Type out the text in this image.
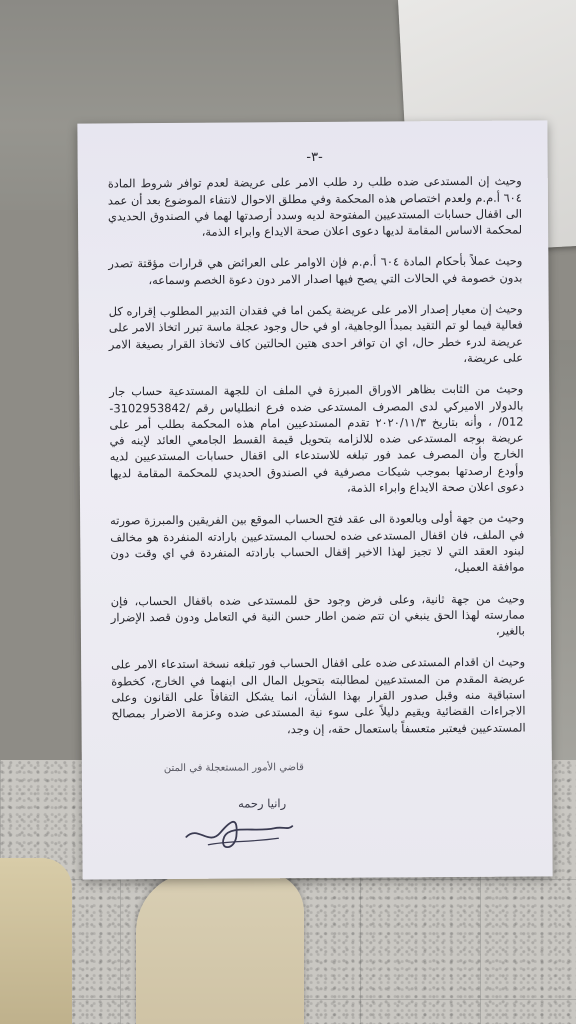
-٣-

وحيث إن المستدعى ضده طلب رد طلب الامر على عريضة لعدم توافر شروط المادة ٦٠٤ أ.م.م ولعدم اختصاص هذه المحكمة وفي مطلق الاحوال لانتفاء الموضوع بعد أن عمد الى اقفال حسابات المستدعيين المفتوحة لديه وسدد أرصدتها لهما في الصندوق الحديدي لمحكمة الاساس المقامة لديها دعوى اعلان صحة الايداع وابراء الذمة،

وحيث عملاً بأحكام المادة ٦٠٤ أ.م.م فإن الاوامر على العرائض هي قرارات مؤقتة تصدر بدون خصومة في الحالات التي يصح فيها اصدار الامر دون دعوة الخصم وسماعه،

وحيث إن معيار إصدار الامر على عريضة يكمن اما في فقدان التدبير المطلوب إقراره كل فعالية فيما لو تم التقيد بمبدأ الوجاهية، او في حال وجود عجلة ماسة تبرر اتخاذ الامر على عريضة لدرء خطر حال، اي ان توافر احدى هتين الحالتين كاف لاتخاذ القرار بصيغة الامر على عريضة،

وحيث من الثابت بظاهر الاوراق المبرزة في الملف ان للجهة المستدعية حساب جار بالدولار الاميركي لدى المصرف المستدعى ضده فرع انطلياس رقم /3102953842-012/ ، وأنه بتاريخ ٢٠٢٠/١١/٣ تقدم المستدعيين امام هذه المحكمة بطلب أمر على عريضة بوجه المستدعى ضده للالزامه بتحويل قيمة القسط الجامعي العائد لإبنه في الخارج وأن المصرف عمد فور تبلغه للاستدعاء الى اقفال حسابات المستدعيين لديه وأودع ارصدتها بموجب شيكات مصرفية في الصندوق الحديدي للمحكمة المقامة لديها دعوى اعلان صحة الايداع وابراء الذمة،

وحيث من جهة أولى وبالعودة الى عقد فتح الحساب الموقع بين الفريقين والمبرزة صورته في الملف، فان اقفال المستدعى ضده لحساب المستدعيين بارادته المنفردة هو مخالف لبنود العقد التي لا تجيز لهذا الاخير إقفال الحساب بارادته المنفردة في اي وقت دون موافقة العميل،

وحيث من جهة ثانية، وعلى فرض وجود حق للمستدعى ضده باقفال الحساب، فإن ممارسته لهذا الحق ينبغي ان تتم ضمن اطار حسن النية في التعامل ودون قصد الإضرار بالغير،

وحيث ان اقدام المستدعى ضده على اقفال الحساب فور تبلغه نسخة استدعاء الامر على عريضة المقدم من المستدعيين لمطالبته بتحويل المال الى ابنهما في الخارج، كخطوة استباقية منه وقبل صدور القرار بهذا الشأن، انما يشكل التفافاً على القانون وعلى الاجراءات القضائية ويقيم دليلاً على سوء نية المستدعى ضده وعزمة الاضرار بمصالح المستدعيين فيعتبر متعسفاً باستعمال حقه، إن وجد،

قاضي الأمور المستعجلة في المتن
رانيا رحمه
